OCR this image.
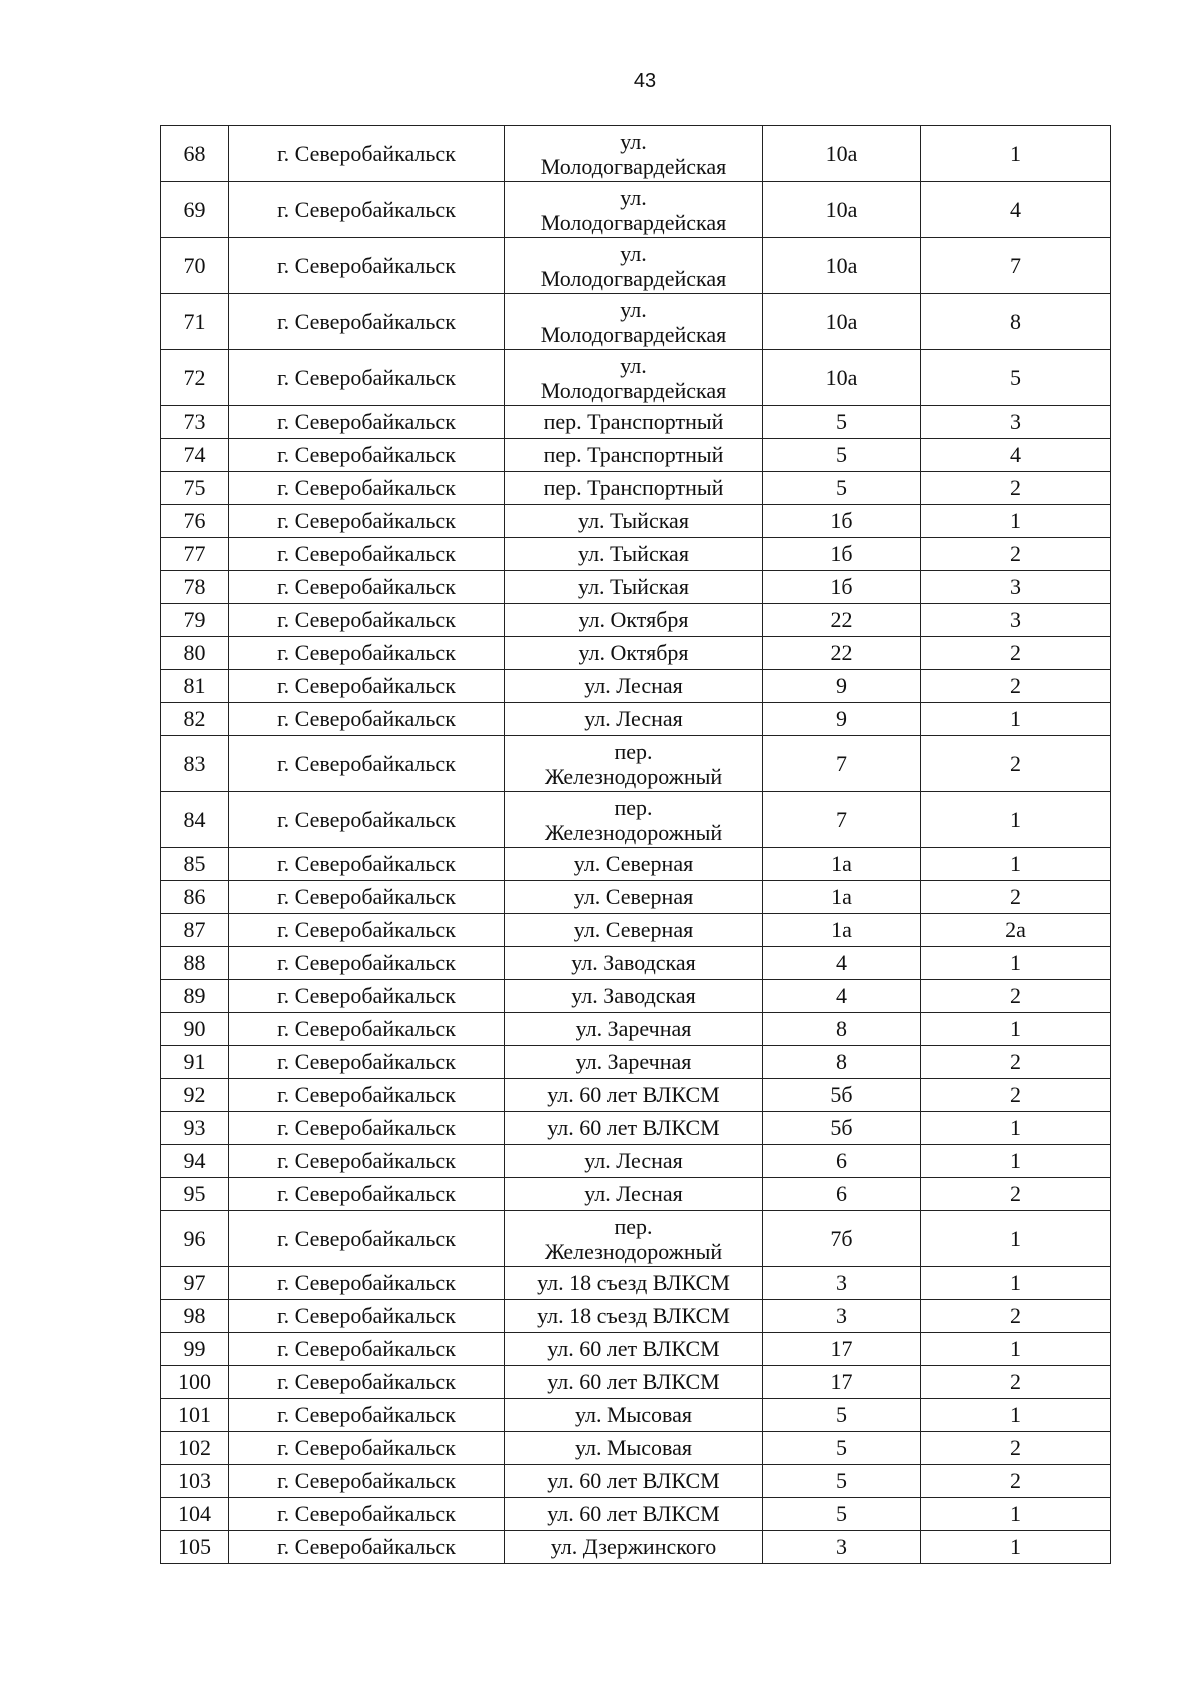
43
68	г. Северобайкальск	ул.
Молодогвардейская	10а	1
69	г. Северобайкальск	ул.
Молодогвардейская	10а	4
70	г. Северобайкальск	ул.
Молодогвардейская	10а	7
71	г. Северобайкальск	ул.
Молодогвардейская	10а	8
72	г. Северобайкальск	ул.
Молодогвардейская	10а	5
73	г. Северобайкальск	пер. Транспортный	5	3
74	г. Северобайкальск	пер. Транспортный	5	4
75	г. Северобайкальск	пер. Транспортный	5	2
76	г. Северобайкальск	ул. Тыйская	1б	1
77	г. Северобайкальск	ул. Тыйская	1б	2
78	г. Северобайкальск	ул. Тыйская	1б	3
79	г. Северобайкальск	ул. Октября	22	3
80	г. Северобайкальск	ул. Октября	22	2
81	г. Северобайкальск	ул. Лесная	9	2
82	г. Северобайкальск	ул. Лесная	9	1
83	г. Северобайкальск	пер.
Железнодорожный	7	2
84	г. Северобайкальск	пер.
Железнодорожный	7	1
85	г. Северобайкальск	ул. Северная	1а	1
86	г. Северобайкальск	ул. Северная	1а	2
87	г. Северобайкальск	ул. Северная	1а	2а
88	г. Северобайкальск	ул. Заводская	4	1
89	г. Северобайкальск	ул. Заводская	4	2
90	г. Северобайкальск	ул. Заречная	8	1
91	г. Северобайкальск	ул. Заречная	8	2
92	г. Северобайкальск	ул. 60 лет ВЛКСМ	5б	2
93	г. Северобайкальск	ул. 60 лет ВЛКСМ	5б	1
94	г. Северобайкальск	ул. Лесная	6	1
95	г. Северобайкальск	ул. Лесная	6	2
96	г. Северобайкальск	пер.
Железнодорожный	7б	1
97	г. Северобайкальск	ул. 18 съезд ВЛКСМ	3	1
98	г. Северобайкальск	ул. 18 съезд ВЛКСМ	3	2
99	г. Северобайкальск	ул. 60 лет ВЛКСМ	17	1
100	г. Северобайкальск	ул. 60 лет ВЛКСМ	17	2
101	г. Северобайкальск	ул. Мысовая	5	1
102	г. Северобайкальск	ул. Мысовая	5	2
103	г. Северобайкальск	ул. 60 лет ВЛКСМ	5	2
104	г. Северобайкальск	ул. 60 лет ВЛКСМ	5	1
105	г. Северобайкальск	ул. Дзержинского	3	1
